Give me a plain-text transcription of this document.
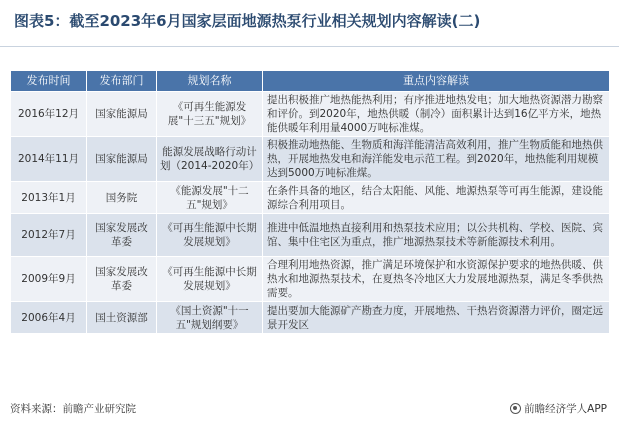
图表5：截至2023年6月国家层面地源热泵行业相关规划内容解读(二)
发布时间	发布部门	规划名称	重点内容解读
2016年12月	国家能源局	《可再生能源发展"十三五"规划》	提出积极推广地热能热利用；有序推进地热发电；加大地热资源潜力勘察和评价。到2020年，地热供暖（制冷）面积累计达到16亿平方米，地热能供暖年利用量4000万吨标准煤。
2014年11月	国家能源局	能源发展战略行动计划（2014-2020年）	积极推动地热能、生物质和海洋能清洁高效利用，推广生物质能和地热供热，开展地热发电和海洋能发电示范工程。到2020年，地热能利用规模达到5000万吨标准煤。
2013年1月	国务院	《能源发展"十二五"规划》	在条件具备的地区，结合太阳能、风能、地源热泵等可再生能源，建设能源综合利用项目。
2012年7月	国家发展改革委	《可再生能源中长期发展规划》	推进中低温地热直接利用和热泵技术应用；以公共机构、学校、医院、宾馆、集中住宅区为重点，推广地源热泵技术等新能源技术利用。
2009年9月	国家发展改革委	《可再生能源中长期发展规划》	合理利用地热资源，推广满足环境保护和水资源保护要求的地热供暖、供热水和地源热泵技术，在夏热冬冷地区大力发展地源热泵，满足冬季供热需要。
2006年4月	国土资源部	《国土资源"十一五"规划纲要》	提出要加大能源矿产勘查力度，开展地热、干热岩资源潜力评价，圈定远景开发区
资料来源：前瞻产业研究院	前瞻经济学人APP
